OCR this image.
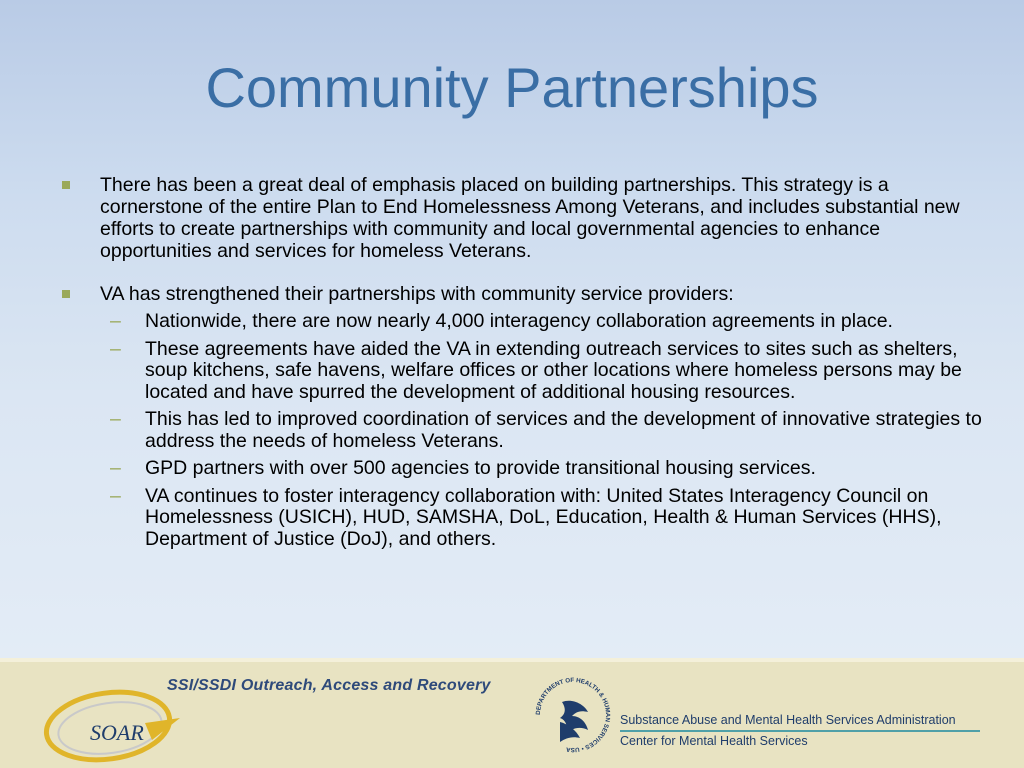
Community Partnerships
There has been a great deal of emphasis placed on building partnerships. This strategy is a cornerstone of the entire Plan to End Homelessness Among Veterans, and includes substantial new efforts to create partnerships with community and local governmental agencies to enhance opportunities and services for homeless Veterans.
VA has strengthened their partnerships with community service providers:
– Nationwide, there are now nearly 4,000 interagency collaboration agreements in place.
– These agreements have aided the VA in extending outreach services to sites such as shelters, soup kitchens, safe havens, welfare offices or other locations where homeless persons may be located and have spurred the development of additional housing resources.
– This has led to improved coordination of services and the development of innovative strategies to address the needs of homeless Veterans.
– GPD partners with over 500 agencies to provide transitional housing services.
– VA continues to foster interagency collaboration with: United States Interagency Council on Homelessness (USICH), HUD, SAMSHA, DoL, Education, Health & Human Services (HHS), Department of Justice (DoJ), and others.
SOAR
SSI/SSDI Outreach, Access and Recovery
DEPARTMENT OF HEALTH & HUMAN SERVICES • USA
Substance Abuse and Mental Health Services Administration
Center for Mental Health Services
